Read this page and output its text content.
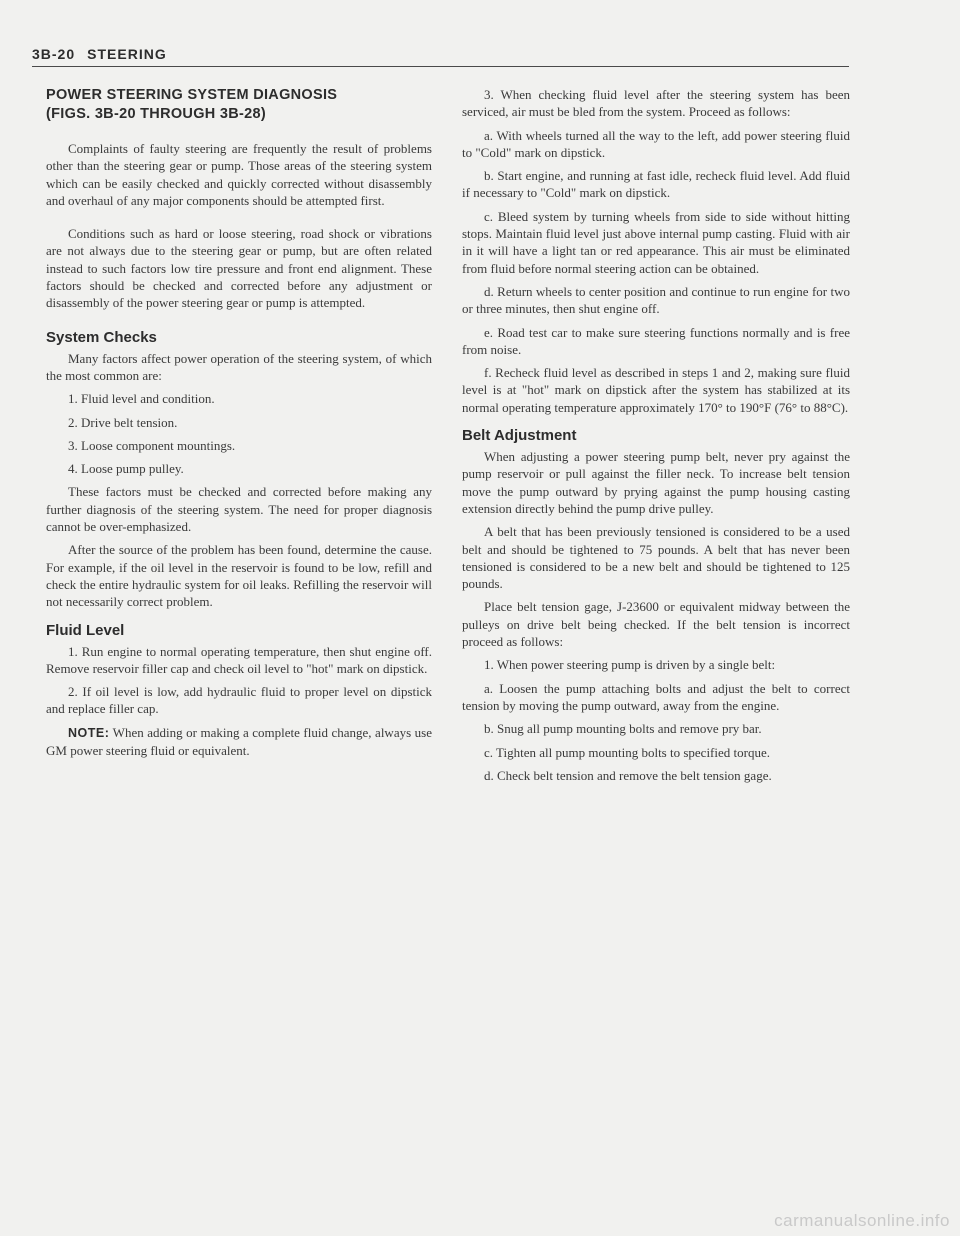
3B-20 STEERING
POWER STEERING SYSTEM DIAGNOSIS
(FIGS. 3B-20 THROUGH 3B-28)

Complaints of faulty steering are frequently the result of problems other than the steering gear or pump. Those areas of the steering system which can be easily checked and quickly corrected without disassembly and overhaul of any major components should be attempted first.

Conditions such as hard or loose steering, road shock or vibrations are not always due to the steering gear or pump, but are often related instead to such factors low tire pressure and front end alignment. These factors should be checked and corrected before any adjustment or disassembly of the power steering gear or pump is attempted.

System Checks

Many factors affect power operation of the steering system, of which the most common are:

1. Fluid level and condition.

2. Drive belt tension.

3. Loose component mountings.

4. Loose pump pulley.

These factors must be checked and corrected before making any further diagnosis of the steering system. The need for proper diagnosis cannot be over-emphasized.

After the source of the problem has been found, determine the cause. For example, if the oil level in the reservoir is found to be low, refill and check the entire hydraulic system for oil leaks. Refilling the reservoir will not necessarily correct problem.

Fluid Level

1. Run engine to normal operating temperature, then shut engine off. Remove reservoir filler cap and check oil level to "hot" mark on dipstick.

2. If oil level is low, add hydraulic fluid to proper level on dipstick and replace filler cap.

NOTE: When adding or making a complete fluid change, always use GM power steering fluid or equivalent.

3. When checking fluid level after the steering system has been serviced, air must be bled from the system. Proceed as follows:

a. With wheels turned all the way to the left, add power steering fluid to "Cold" mark on dipstick.

b. Start engine, and running at fast idle, recheck fluid level. Add fluid if necessary to "Cold" mark on dipstick.

c. Bleed system by turning wheels from side to side without hitting stops. Maintain fluid level just above internal pump casting. Fluid with air in it will have a light tan or red appearance. This air must be eliminated from fluid before normal steering action can be obtained.

d. Return wheels to center position and continue to run engine for two or three minutes, then shut engine off.

e. Road test car to make sure steering functions normally and is free from noise.

f. Recheck fluid level as described in steps 1 and 2, making sure fluid level is at "hot" mark on dipstick after the system has stabilized at its normal operating temperature approximately 170° to 190°F (76° to 88°C).

Belt Adjustment

When adjusting a power steering pump belt, never pry against the pump reservoir or pull against the filler neck. To increase belt tension move the pump outward by prying against the pump housing casting extension directly behind the pump drive pulley.

A belt that has been previously tensioned is considered to be a used belt and should be tightened to 75 pounds. A belt that has never been tensioned is considered to be a new belt and should be tightened to 125 pounds.

Place belt tension gage, J-23600 or equivalent midway between the pulleys on drive belt being checked. If the belt tension is incorrect proceed as follows:

1. When power steering pump is driven by a single belt:

a. Loosen the pump attaching bolts and adjust the belt to correct tension by moving the pump outward, away from the engine.

b. Snug all pump mounting bolts and remove pry bar.

c. Tighten all pump mounting bolts to specified torque.

d. Check belt tension and remove the belt tension gage.

carmanualsonline.info
